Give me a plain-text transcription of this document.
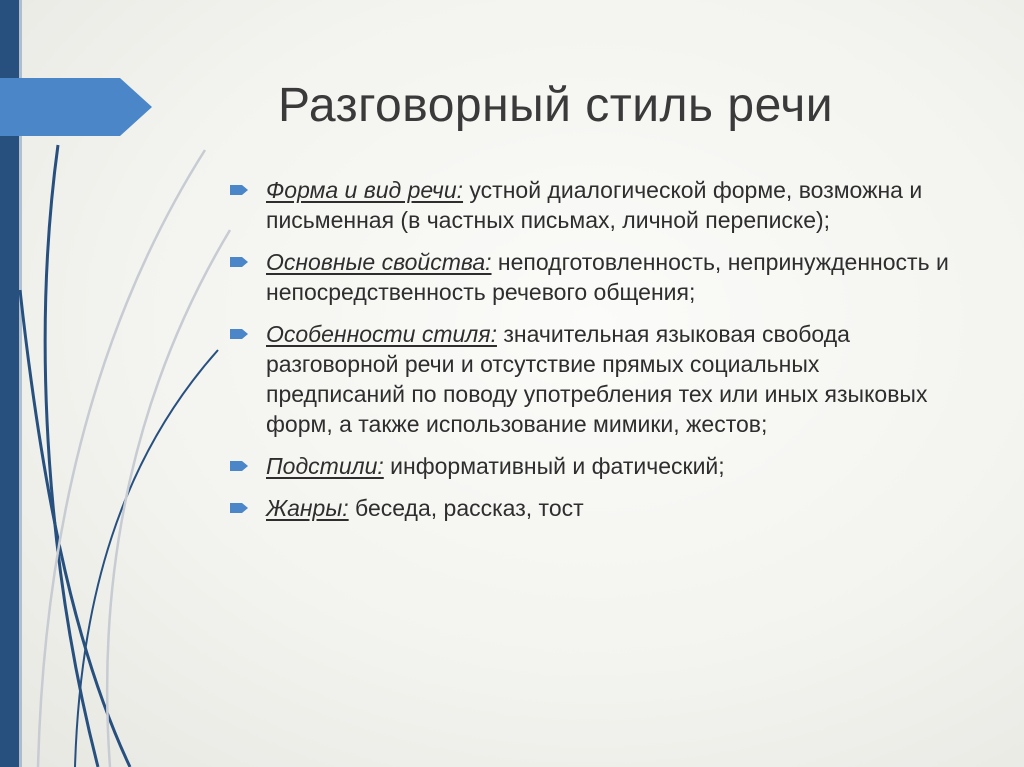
Разговорный стиль речи
Форма и вид речи: устной диалогической форме, возможна и письменная (в частных письмах, личной переписке);
Основные свойства: неподготовленность, непринужденность и непосредственность речевого общения;
Особенности стиля: значительная языковая свобода разговорной речи и отсутствие прямых социальных предписаний по поводу употребления тех или иных языковых форм, а также использование мимики, жестов;
Подстили: информативный и фатический;
Жанры: беседа, рассказ, тост
